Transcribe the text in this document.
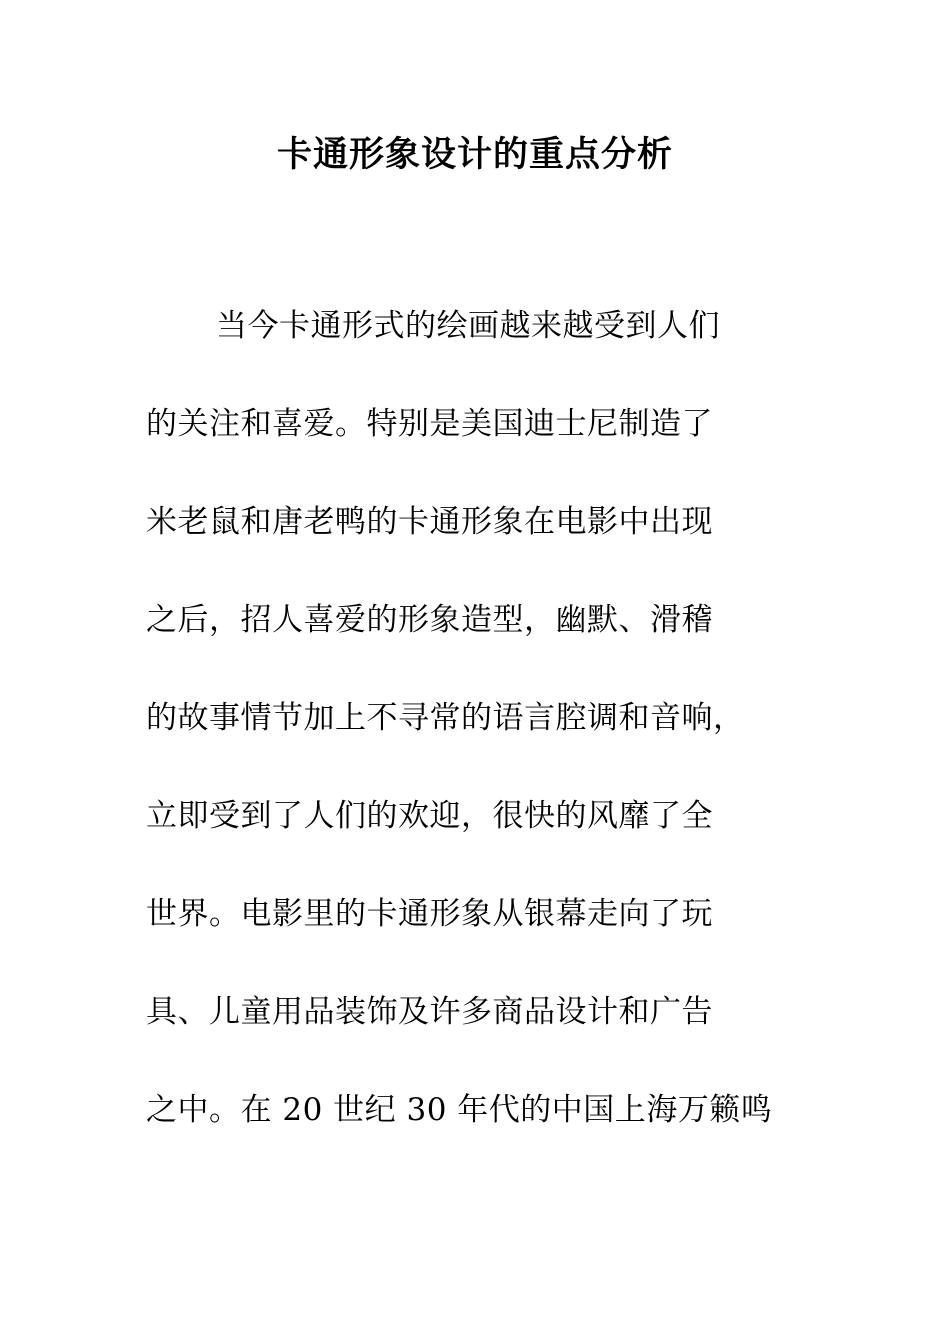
卡通形象设计的重点分析
当今卡通形式的绘画越来越受到人们
的关注和喜爱。特别是美国迪士尼制造了
米老鼠和唐老鸭的卡通形象在电影中出现
之后，招人喜爱的形象造型，幽默、滑稽
的故事情节加上不寻常的语言腔调和音响，
立即受到了人们的欢迎，很快的风靡了全
世界。电影里的卡通形象从银幕走向了玩
具、儿童用品装饰及许多商品设计和广告
之中。在 20 世纪 30 年代的中国上海万籁鸣
